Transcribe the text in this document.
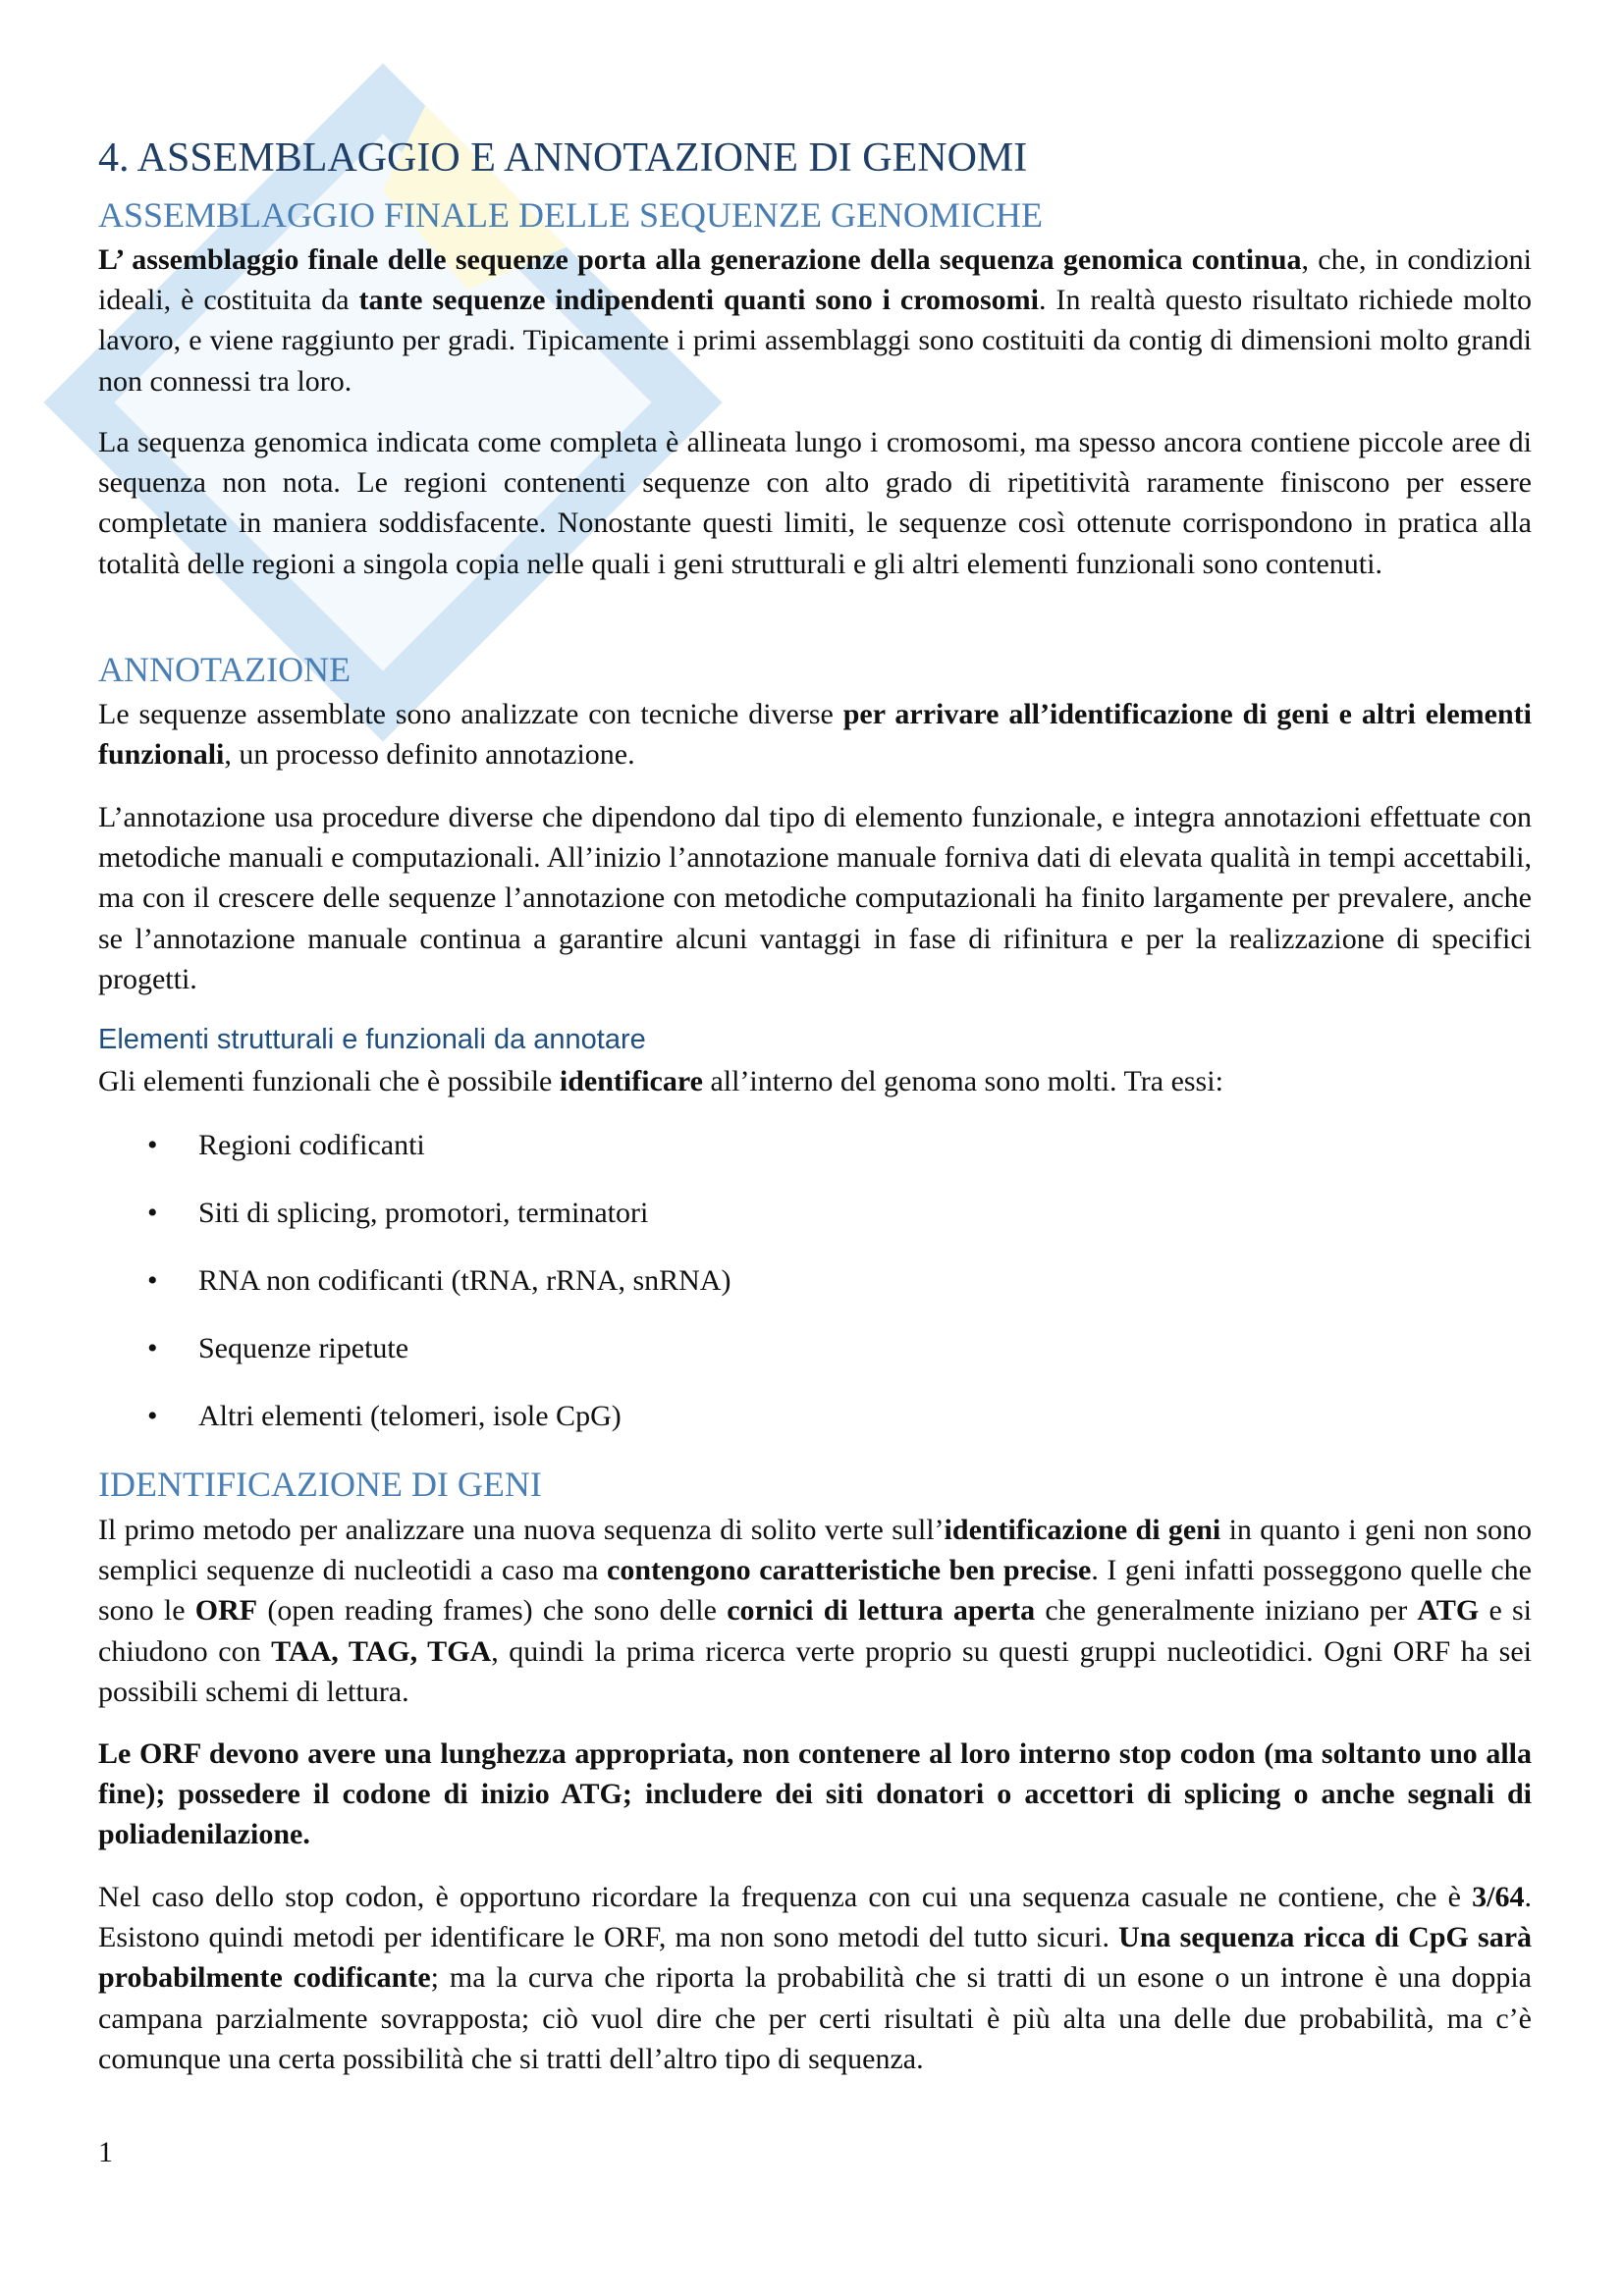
4. ASSEMBLAGGIO E ANNOTAZIONE DI GENOMI
ASSEMBLAGGIO FINALE DELLE SEQUENZE GENOMICHE
L’ assemblaggio finale delle sequenze porta alla generazione della sequenza genomica continua, che, in condizioni ideali, è costituita da tante sequenze indipendenti quanti sono i cromosomi. In realtà questo risultato richiede molto lavoro, e viene raggiunto per gradi. Tipicamente i primi assemblaggi sono costituiti da contig di dimensioni molto grandi non connessi tra loro.
La sequenza genomica indicata come completa è allineata lungo i cromosomi, ma spesso ancora contiene piccole aree di sequenza non nota. Le regioni contenenti sequenze con alto grado di ripetitività raramente finiscono per essere completate in maniera soddisfacente. Nonostante questi limiti, le sequenze così ottenute corrispondono in pratica alla totalità delle regioni a singola copia nelle quali i geni strutturali e gli altri elementi funzionali sono contenuti.
ANNOTAZIONE
Le sequenze assemblate sono analizzate con tecniche diverse per arrivare all’identificazione di geni e altri elementi funzionali, un processo definito annotazione.
L’annotazione usa procedure diverse che dipendono dal tipo di elemento funzionale, e integra annotazioni effettuate con metodiche manuali e computazionali. All’inizio l’annotazione manuale forniva dati di elevata qualità in tempi accettabili, ma con il crescere delle sequenze l’annotazione con metodiche computazionali ha finito largamente per prevalere, anche se l’annotazione manuale continua a garantire alcuni vantaggi in fase di rifinitura e per la realizzazione di specifici progetti.
Elementi strutturali e funzionali da annotare
Gli elementi funzionali che è possibile identificare all’interno del genoma sono molti. Tra essi:
• Regioni codificanti
• Siti di splicing, promotori, terminatori
• RNA non codificanti (tRNA, rRNA, snRNA)
• Sequenze ripetute
• Altri elementi (telomeri, isole CpG)
IDENTIFICAZIONE DI GENI
Il primo metodo per analizzare una nuova sequenza di solito verte sull’identificazione di geni in quanto i geni non sono semplici sequenze di nucleotidi a caso ma contengono caratteristiche ben precise. I geni infatti posseggono quelle che sono le ORF (open reading frames) che sono delle cornici di lettura aperta che generalmente iniziano per ATG e si chiudono con TAA, TAG, TGA, quindi la prima ricerca verte proprio su questi gruppi nucleotidici. Ogni ORF ha sei possibili schemi di lettura.
Le ORF devono avere una lunghezza appropriata, non contenere al loro interno stop codon (ma soltanto uno alla fine); possedere il codone di inizio ATG; includere dei siti donatori o accettori di splicing o anche segnali di poliadenilazione.
Nel caso dello stop codon, è opportuno ricordare la frequenza con cui una sequenza casuale ne contiene, che è 3/64. Esistono quindi metodi per identificare le ORF, ma non sono metodi del tutto sicuri. Una sequenza ricca di CpG sarà probabilmente codificante; ma la curva che riporta la probabilità che si tratti di un esone o un introne è una doppia campana parzialmente sovrapposta; ciò vuol dire che per certi risultati è più alta una delle due probabilità, ma c’è comunque una certa possibilità che si tratti dell’altro tipo di sequenza.
1
